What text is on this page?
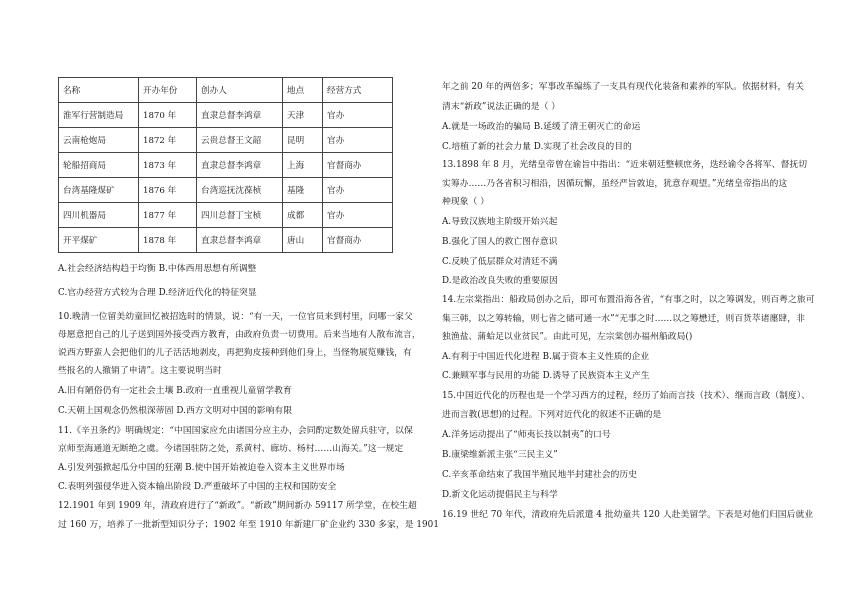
名称	开办年份	创办人	地点	经营方式
淮军行营制造局	1870 年	直隶总督李鸿章	天津	官办
云南枪炮局	1872 年	云贵总督王文韶	昆明	官办
轮船招商局	1873 年	直隶总督李鸿章	上海	官督商办
台湾基隆煤矿	1876 年	台湾巡抚沈葆桢	基隆	官办
四川机器局	1877 年	四川总督丁宝桢	成都	官办
开平煤矿	1878 年	直隶总督李鸿章	唐山	官督商办
A.社会经济结构趋于均衡 B.中体西用思想有所调整
C.官办经营方式较为合理 D.经济近代化的特征突显
10.晚清一位留美幼童回忆被招选时的情景，说：“有一天，一位官员来到村里，问哪一家父
母愿意把自己的儿子送到国外接受西方教育，由政府负责一切费用。后来当地有人散布流言，
说西方野蛮人会把他们的儿子活活地剥皮，再把狗皮接种到他们身上，当怪物展览赚钱，有
些报名的人撤销了申请”。这主要说明当时
A.旧有陋俗仍有一定社会土壤 B.政府一直重视儿童留学教育
C.天朝上国观念仍然根深蒂固 D.西方文明对中国的影响有限
11.《辛丑条约》明确规定：“中国国家应允由诸国分应主办，会同酌定数处留兵驻守，以保
京师至海通道无断绝之虞。今诸国驻防之处，系黄村、廊坊、杨村……山海关。”这一规定
A.引发列强掀起瓜分中国的狂潮 B.使中国开始被迫卷入资本主义世界市场
C.表明列强侵华进入资本输出阶段 D.严重破坏了中国的主权和国防安全
12.1901 年到 1909 年，清政府进行了“新政”。“新政”期间新办 59117 所学堂，在校生超
过 160 万，培养了一批新型知识分子；1902 年至 1910 年新建厂矿企业约 330 多家，是 1901
年之前 20 年的两倍多；军事改革编练了一支具有现代化装备和素养的军队。依据材料，有关
清末“新政”说法正确的是（ ）
A.就是一场政治的骗局 B.延缓了清王朝灭亡的命运
C.培植了新的社会力量 D.实现了社会改良的目的
13.1898 年 8 月，光绪皇帝曾在谕旨中指出：“近来朝廷整顿庶务，迭经谕令各将军、督抚切
实筹办……乃各省积习相沿，因循玩懈，虽经严旨敦迫，犹意存观望。”光绪皇帝指出的这
种现象（ ）
A.导致汉族地主阶级开始兴起
B.强化了国人的救亡图存意识
C.反映了低层群众对清廷不满
D.是政治改良失败的重要原因
14.左宗棠指出：船政局创办之后，即可布置沿海各省，“有事之时，以之筹调发，则百粤之旅可
集三韩，以之筹转输，则七省之储可通一水”“无事之时……以之筹懋迁，则百货萃诸廛肆，非
独渔盐、蒲蛤足以业贫民”。由此可见，左宗棠创办福州船政局()
A.有利于中国近代化进程 B.属于资本主义性质的企业
C.兼顾军事与民用的功能 D.诱导了民族资本主义产生
15.中国近代化的历程也是一个学习西方的过程，经历了始而言技（技术）、继而言政（制度）、
进而言教(思想)的过程。下列对近代化的叙述不正确的是
A.洋务运动提出了“师夷长技以制夷”的口号
B.康梁维新派主张“三民主义”
C.辛亥革命结束了我国半殖民地半封建社会的历史
D.新文化运动提倡民主与科学
16.19 世纪 70 年代，清政府先后派遣 4 批幼童共 120 人赴美留学。下表是对他们归国后就业
